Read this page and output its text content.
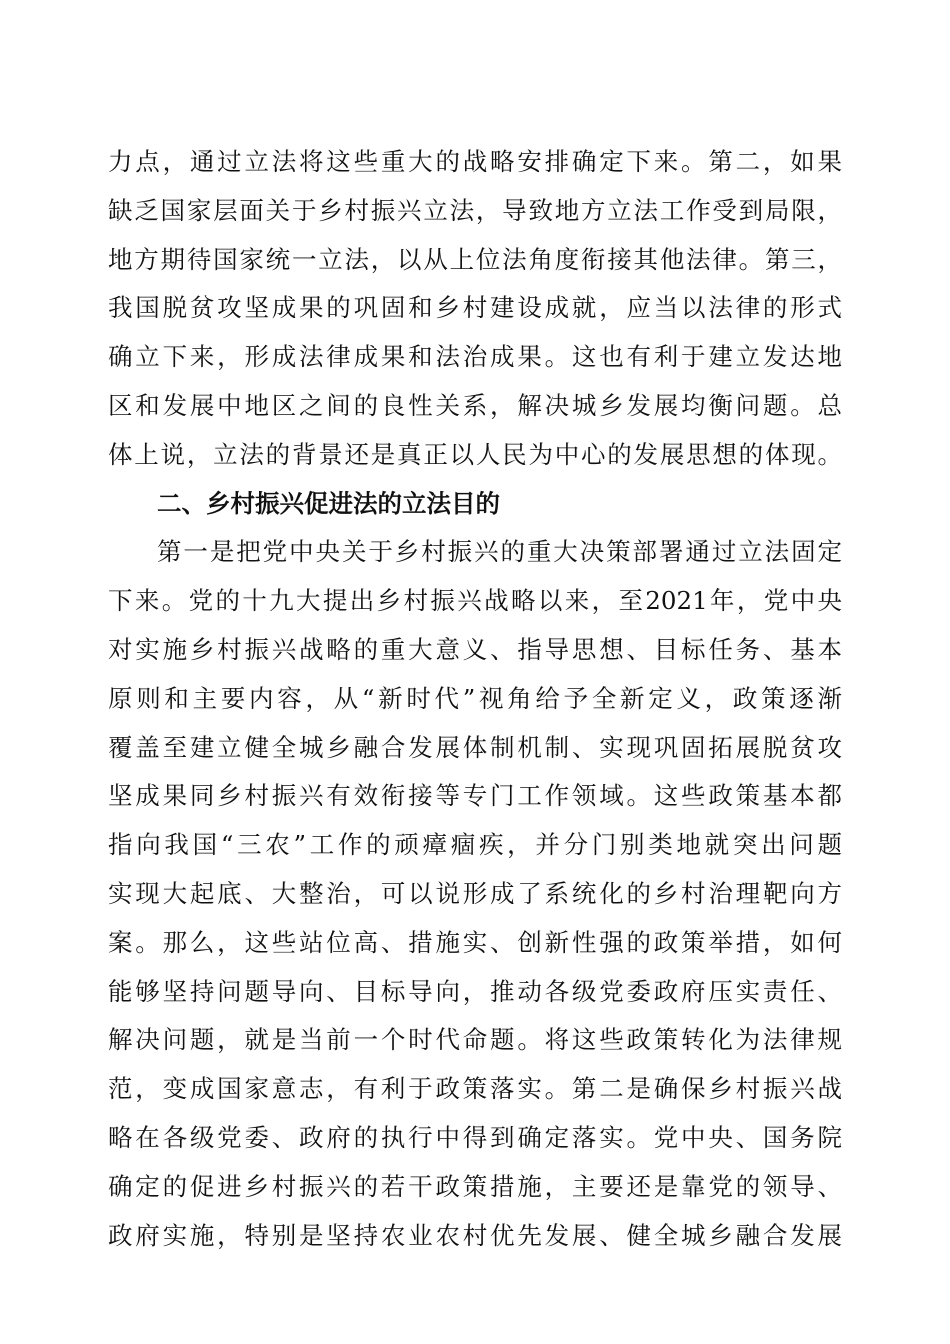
力点，通过立法将这些重大的战略安排确定下来。第二，如果
缺乏国家层面关于乡村振兴立法，导致地方立法工作受到局限，
地方期待国家统一立法，以从上位法角度衔接其他法律。第三，
我国脱贫攻坚成果的巩固和乡村建设成就，应当以法律的形式
确立下来，形成法律成果和法治成果。这也有利于建立发达地
区和发展中地区之间的良性关系，解决城乡发展均衡问题。总
体上说，立法的背景还是真正以人民为中心的发展思想的体现。
二、乡村振兴促进法的立法目的
第一是把党中央关于乡村振兴的重大决策部署通过立法固定
下来。党的十九大提出乡村振兴战略以来，至2021年，党中央
对实施乡村振兴战略的重大意义、指导思想、目标任务、基本
原则和主要内容，从“新时代”视角给予全新定义，政策逐渐
覆盖至建立健全城乡融合发展体制机制、实现巩固拓展脱贫攻
坚成果同乡村振兴有效衔接等专门工作领域。这些政策基本都
指向我国“三农”工作的顽瘴痼疾，并分门别类地就突出问题
实现大起底、大整治，可以说形成了系统化的乡村治理靶向方
案。那么，这些站位高、措施实、创新性强的政策举措，如何
能够坚持问题导向、目标导向，推动各级党委政府压实责任、
解决问题，就是当前一个时代命题。将这些政策转化为法律规
范，变成国家意志，有利于政策落实。第二是确保乡村振兴战
略在各级党委、政府的执行中得到确定落实。党中央、国务院
确定的促进乡村振兴的若干政策措施，主要还是靠党的领导、
政府实施，特别是坚持农业农村优先发展、健全城乡融合发展
